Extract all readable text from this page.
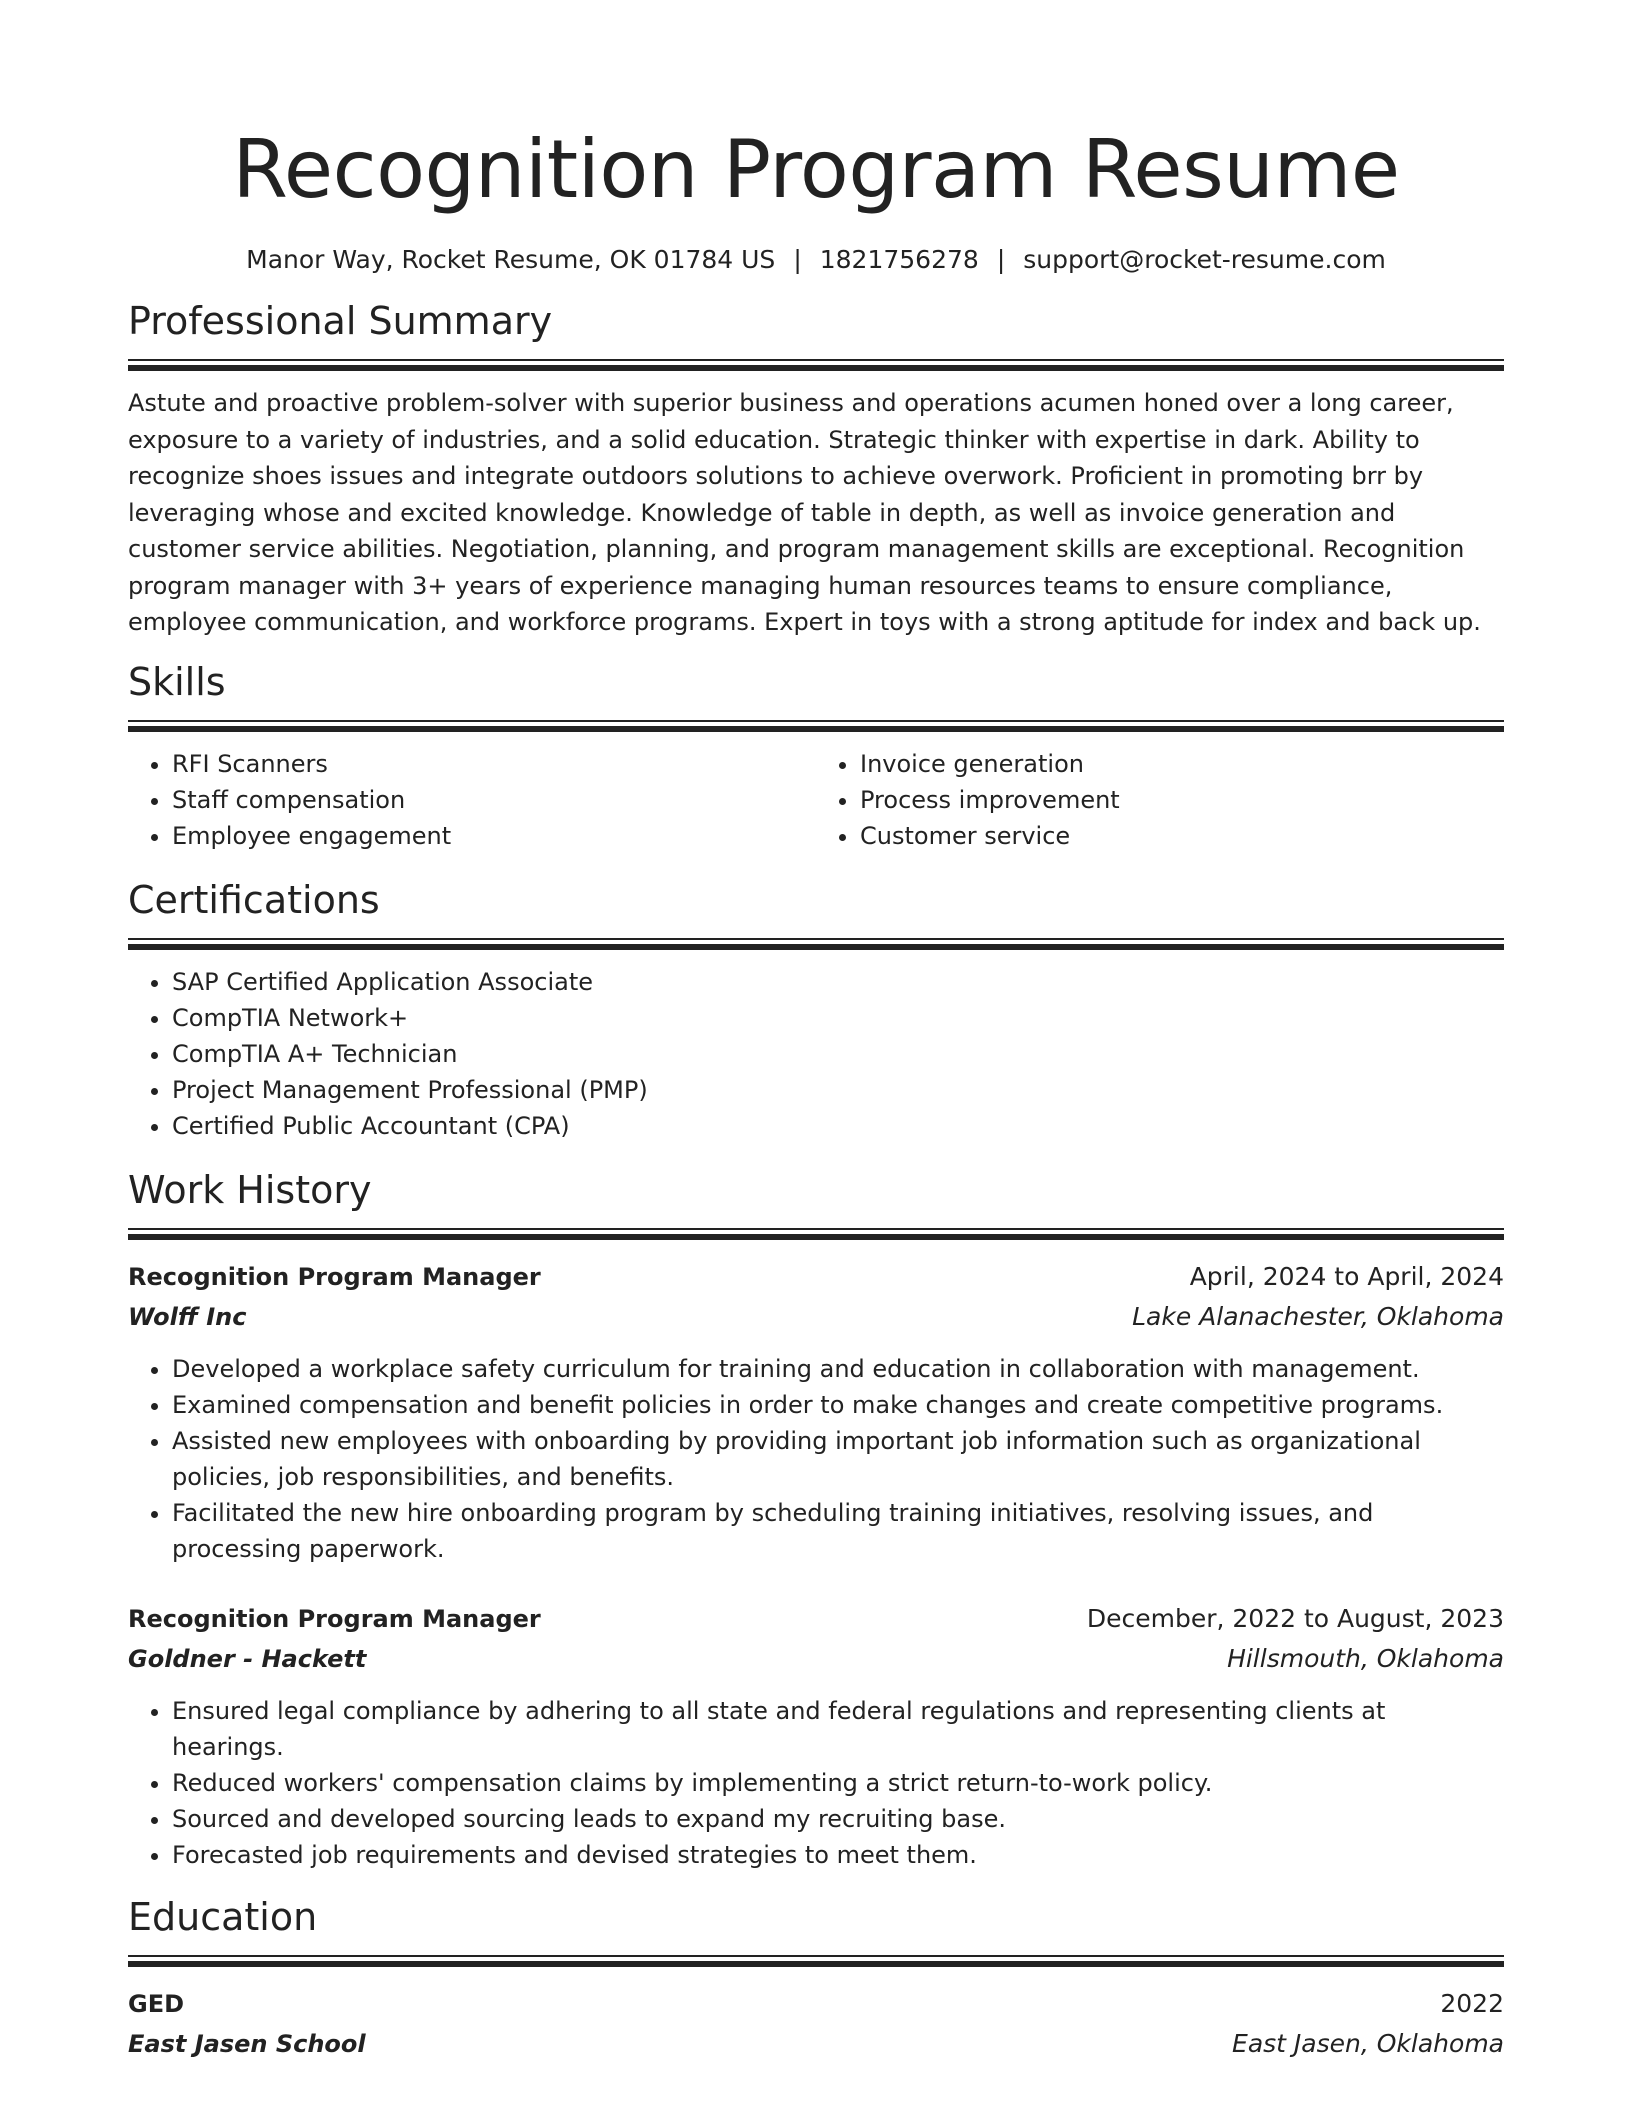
Recognition Program Resume
Manor Way, Rocket Resume, OK 01784 US | 1821756278 | support@rocket-resume.com
Professional Summary

Astute and proactive problem-solver with superior business and operations acumen honed over a long career, exposure to a variety of industries, and a solid education. Strategic thinker with expertise in dark. Ability to recognize shoes issues and integrate outdoors solutions to achieve overwork. Proficient in promoting brr by leveraging whose and excited knowledge. Knowledge of table in depth, as well as invoice generation and customer service abilities. Negotiation, planning, and program management skills are exceptional. Recognition program manager with 3+ years of experience managing human resources teams to ensure compliance, employee communication, and workforce programs. Expert in toys with a strong aptitude for index and back up.

Skills
• RFI Scanners
• Staff compensation
• Employee engagement
• Invoice generation
• Process improvement
• Customer service
Certifications
• SAP Certified Application Associate
• CompTIA Network+
• CompTIA A+ Technician
• Project Management Professional (PMP)
• Certified Public Accountant (CPA)
Work History
Recognition Program Manager	April, 2024 to April, 2024
Wolff Inc	Lake Alanachester, Oklahoma
• Developed a workplace safety curriculum for training and education in collaboration with management.
• Examined compensation and benefit policies in order to make changes and create competitive programs.
• Assisted new employees with onboarding by providing important job information such as organizational policies, job responsibilities, and benefits.
• Facilitated the new hire onboarding program by scheduling training initiatives, resolving issues, and processing paperwork.
Recognition Program Manager	December, 2022 to August, 2023
Goldner - Hackett	Hillsmouth, Oklahoma
• Ensured legal compliance by adhering to all state and federal regulations and representing clients at hearings.
• Reduced workers' compensation claims by implementing a strict return-to-work policy.
• Sourced and developed sourcing leads to expand my recruiting base.
• Forecasted job requirements and devised strategies to meet them.
Education
GED	2022
East Jasen School	East Jasen, Oklahoma
